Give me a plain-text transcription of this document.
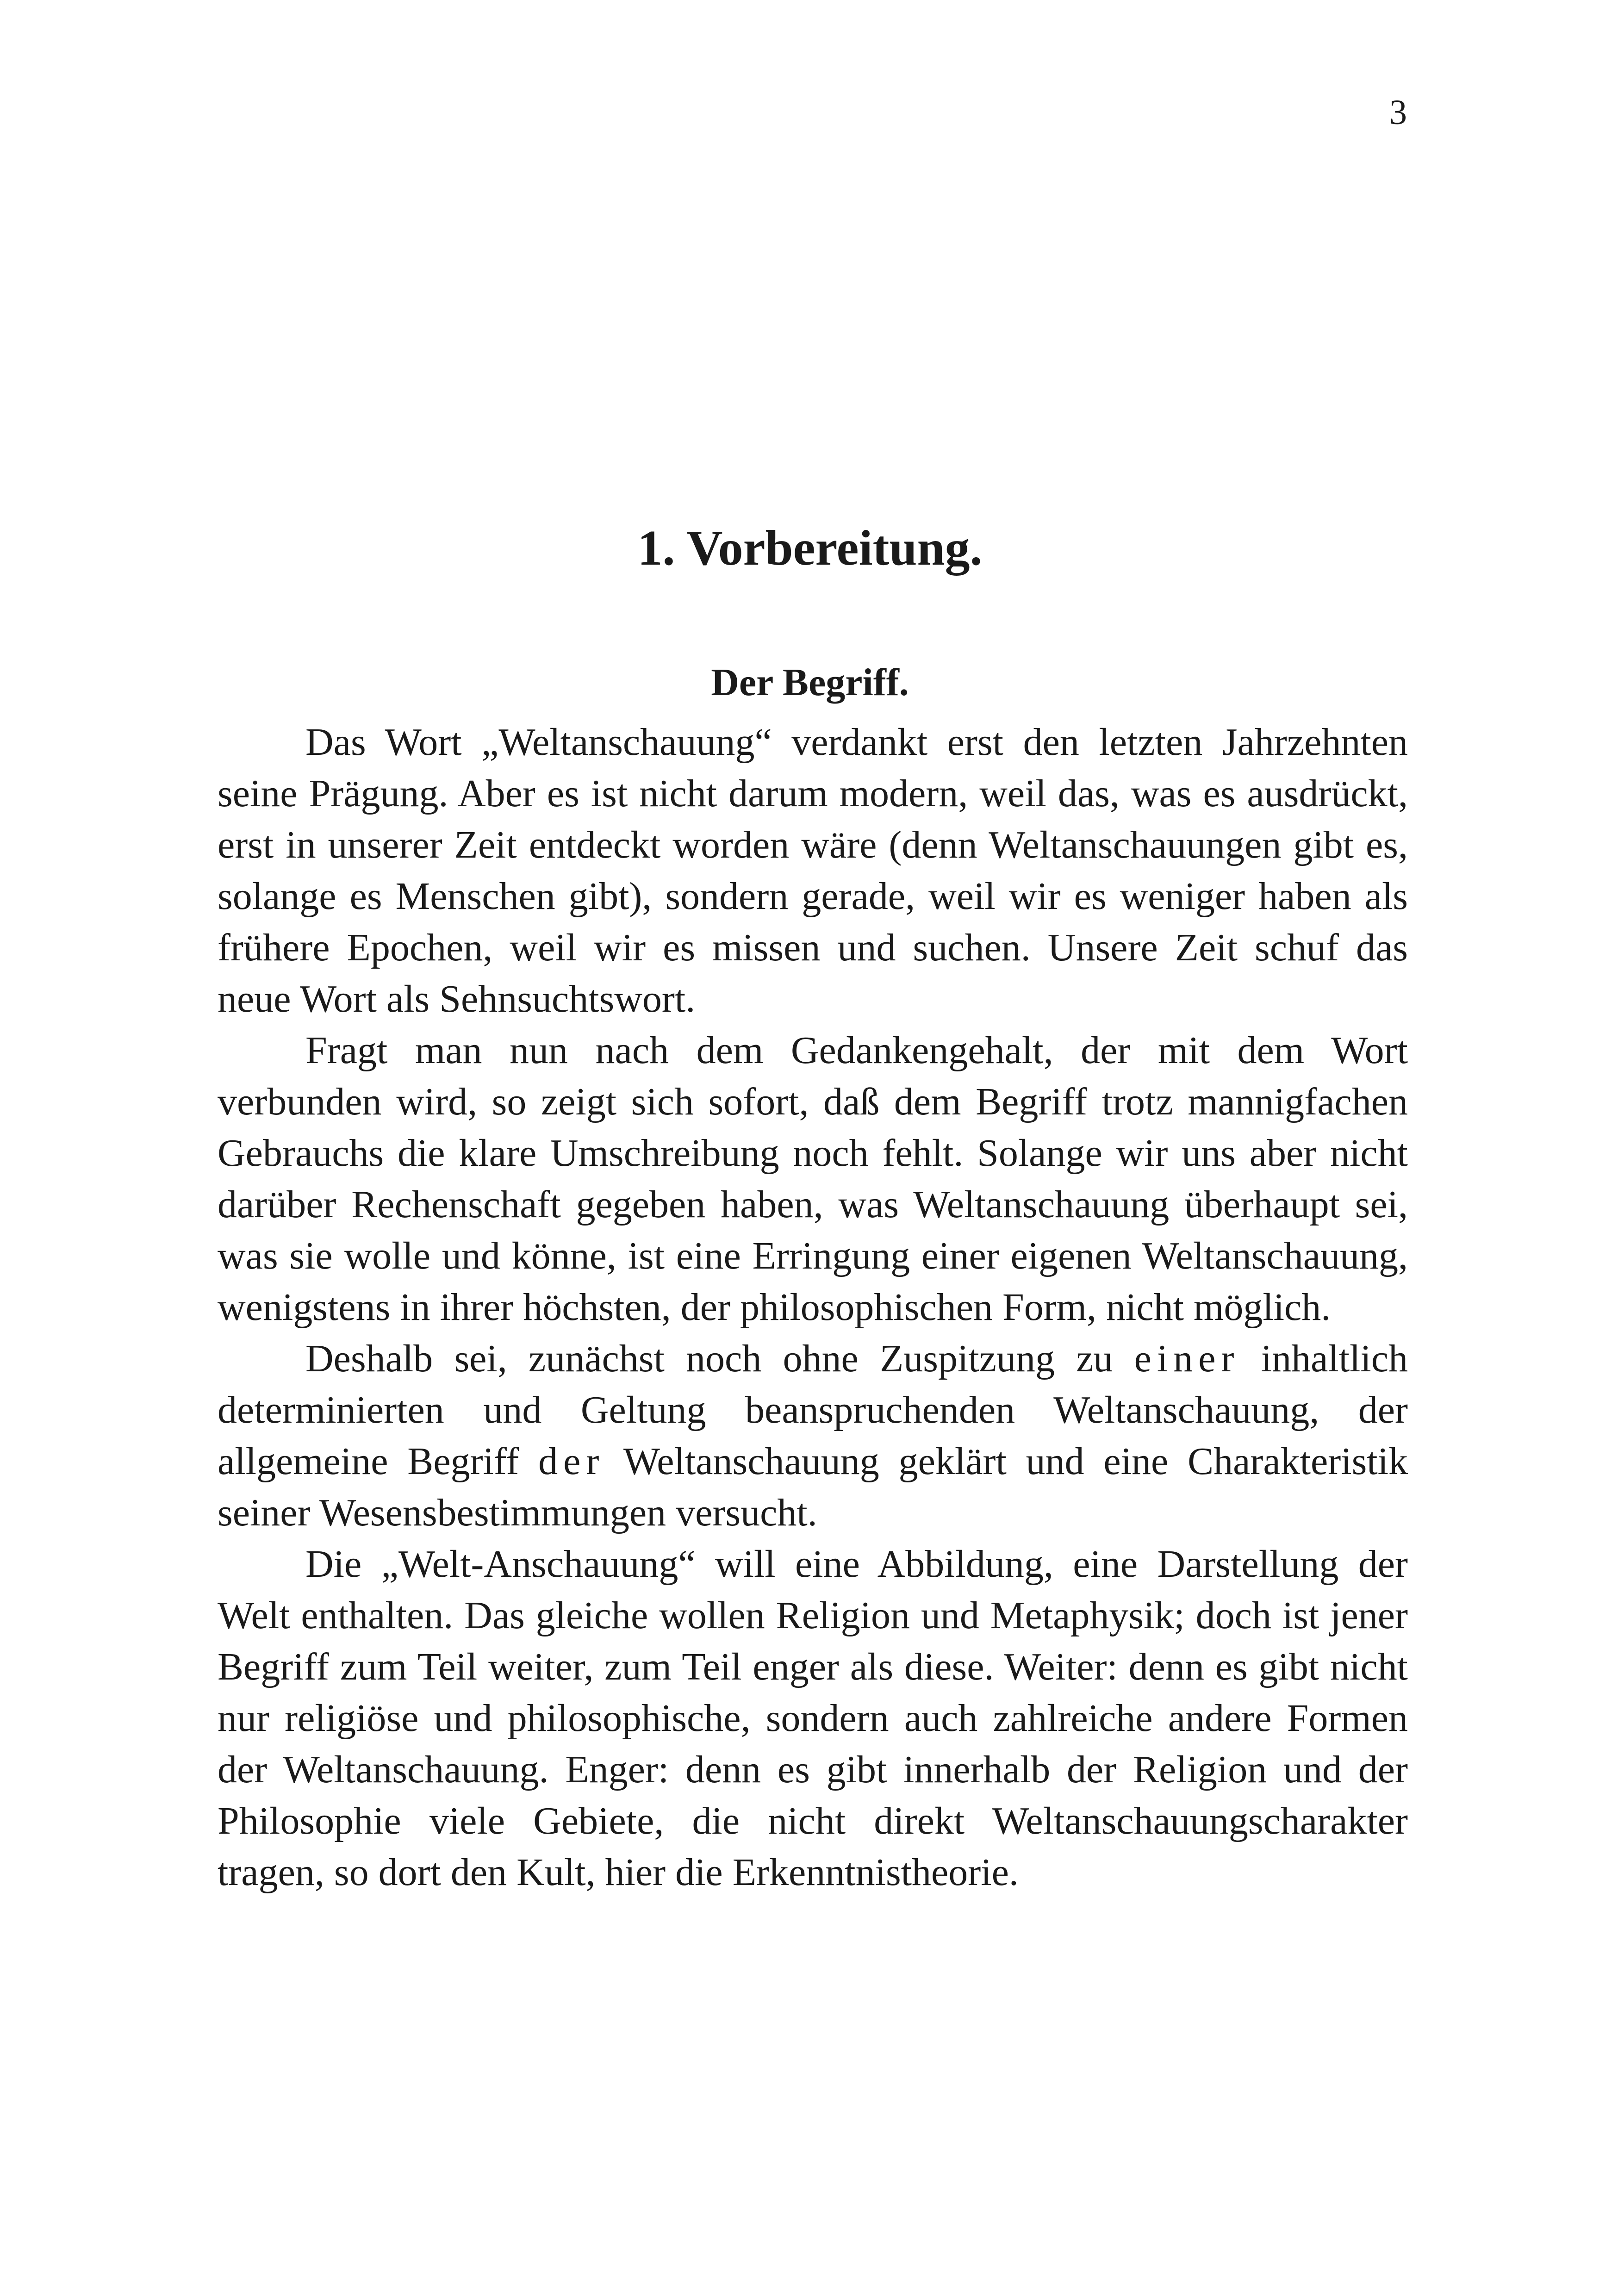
3
1. Vorbereitung.
Der Begriff.

Das Wort „Weltanschauung“ verdankt erst den letzten Jahrzehnten seine Prägung. Aber es ist nicht darum modern, weil das, was es ausdrückt, erst in unserer Zeit entdeckt worden wäre (denn Weltanschauungen gibt es, solange es Menschen gibt), sondern gerade, weil wir es weniger haben als frühere Epochen, weil wir es missen und suchen. Unsere Zeit schuf das neue Wort als Sehnsuchtswort.

Fragt man nun nach dem Gedankengehalt, der mit dem Wort verbunden wird, so zeigt sich sofort, daß dem Begriff trotz mannigfachen Gebrauchs die klare Umschreibung noch fehlt. Solange wir uns aber nicht darüber Rechenschaft gegeben haben, was Weltanschauung überhaupt sei, was sie wolle und könne, ist eine Erringung einer eigenen Weltanschauung, wenigstens in ihrer höchsten, der philosophischen Form, nicht möglich.

Deshalb sei, zunächst noch ohne Zuspitzung zu einer inhaltlich determinierten und Geltung beanspruchenden Weltanschauung, der allgemeine Begriff der Weltanschauung geklärt und eine Charakteristik seiner Wesensbestimmungen versucht.

Die „Welt-Anschauung“ will eine Abbildung, eine Darstellung der Welt enthalten. Das gleiche wollen Religion und Metaphysik; doch ist jener Begriff zum Teil weiter, zum Teil enger als diese. Weiter: denn es gibt nicht nur religiöse und philosophische, sondern auch zahlreiche andere Formen der Weltanschauung. Enger: denn es gibt innerhalb der Religion und der Philosophie viele Gebiete, die nicht direkt Weltanschauungscharakter tragen, so dort den Kult, hier die Erkenntnistheorie.
